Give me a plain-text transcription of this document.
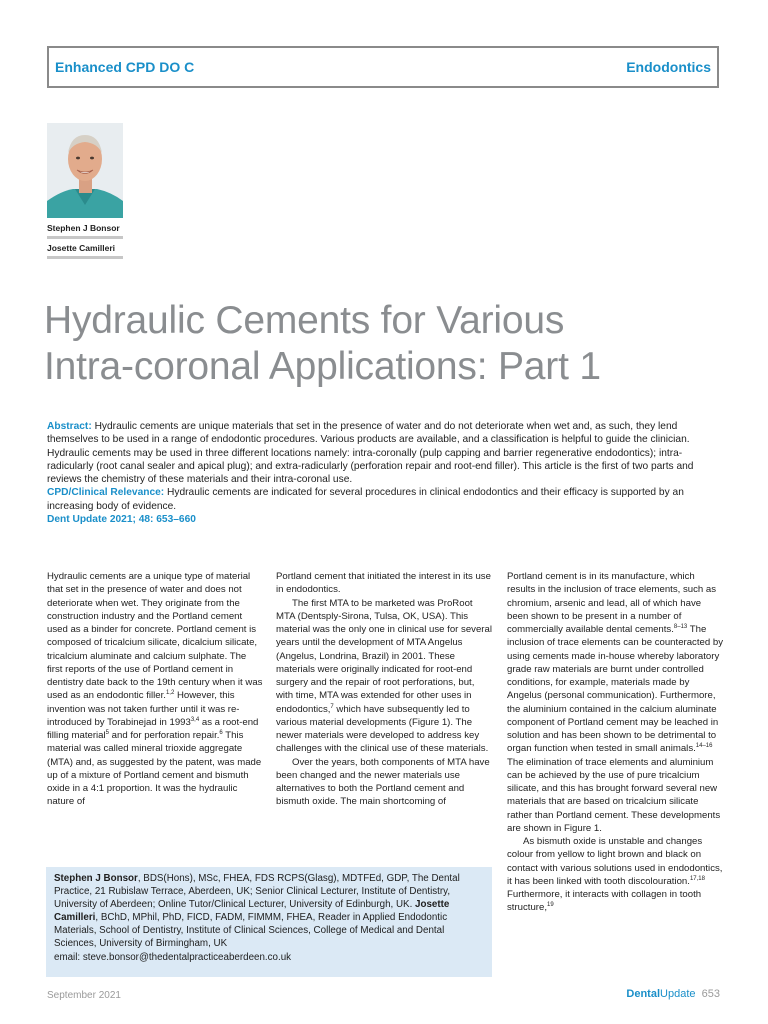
Enhanced CPD DO C	Endodontics
Stephen J Bonsor
Josette Camilleri
Hydraulic Cements for Various
Intra-coronal Applications: Part 1

Abstract: Hydraulic cements are unique materials that set in the presence of water and do not deteriorate when wet and, as such, they lend themselves to be used in a range of endodontic procedures. Various products are available, and a classification is helpful to guide the clinician. Hydraulic cements may be used in three different locations namely: intra-coronally (pulp capping and barrier regenerative endodontics); intra-radicularly (root canal sealer and apical plug); and extra-radicularly (perforation repair and root-end filler). This article is the first of two parts and reviews the chemistry of these materials and their intra-coronal use.

CPD/Clinical Relevance: Hydraulic cements are indicated for several procedures in clinical endodontics and their efficacy is supported by an increasing body of evidence.

Dent Update 2021; 48: 653–660

Hydraulic cements are a unique type of material that set in the presence of water and does not deteriorate when wet. They originate from the construction industry and the Portland cement used as a binder for concrete. Portland cement is composed of tricalcium silicate, dicalcium silicate, tricalcium aluminate and calcium sulphate. The first reports of the use of Portland cement in dentistry date back to the 19th century when it was used as an endodontic filler.$^{1,2}$ However, this invention was not taken further until it was re-introduced by Torabinejad in 1993$^{3,4}$ as a root-end filling material$^5$ and for perforation repair.$^6$ This material was called mineral trioxide aggregate (MTA) and, as suggested by the patent, was made up of a mixture of Portland cement and bismuth oxide in a 4:1 proportion. It was the hydraulic nature of

Portland cement that initiated the interest in its use in endodontics.

The first MTA to be marketed was ProRoot MTA (Dentsply-Sirona, Tulsa, OK, USA). This material was the only one in clinical use for several years until the development of MTA Angelus (Angelus, Londrina, Brazil) in 2001. These materials were originally indicated for root-end surgery and the repair of root perforations, but, with time, MTA was extended for other uses in endodontics,$^7$ which have subsequently led to various material developments (Figure 1). The newer materials were developed to address key challenges with the clinical use of these materials.

Over the years, both components of MTA have been changed and the newer materials use alternatives to both the Portland cement and bismuth oxide. The main shortcoming of

Portland cement is in its manufacture, which results in the inclusion of trace elements, such as chromium, arsenic and lead, all of which have been shown to be present in a number of commercially available dental cements.$^{8-13}$ The inclusion of trace elements can be counteracted by using cements made in-house whereby laboratory grade raw materials are burnt under controlled conditions, for example, materials made by Angelus (personal communication). Furthermore, the aluminium contained in the calcium aluminate component of Portland cement may be leached in solution and has been shown to be detrimental to organ function when tested in small animals.$^{14-16}$ The elimination of trace elements and aluminium can be achieved by the use of pure tricalcium silicate, and this has brought forward several new materials that are based on tricalcium silicate rather than Portland cement. These developments are shown in Figure 1.

As bismuth oxide is unstable and changes colour from yellow to light brown and black on contact with various solutions used in endodontics, it has been linked with tooth discolouration.$^{17,18}$ Furthermore, it interacts with collagen in tooth structure,$^{19}$

Stephen J Bonsor, BDS(Hons), MSc, FHEA, FDS RCPS(Glasg), MDTFEd, GDP, The Dental Practice, 21 Rubislaw Terrace, Aberdeen, UK; Senior Clinical Lecturer, Institute of Dentistry, University of Aberdeen; Online Tutor/Clinical Lecturer, University of Edinburgh, UK. Josette Camilleri, BChD, MPhil, PhD, FICD, FADM, FIMMM, FHEA, Reader in Applied Endodontic Materials, School of Dentistry, Institute of Clinical Sciences, College of Medical and Dental Sciences, University of Birmingham, UK

email: steve.bonsor@thedentalpracticeaberdeen.co.uk

September 2021	DentalUpdate 653
